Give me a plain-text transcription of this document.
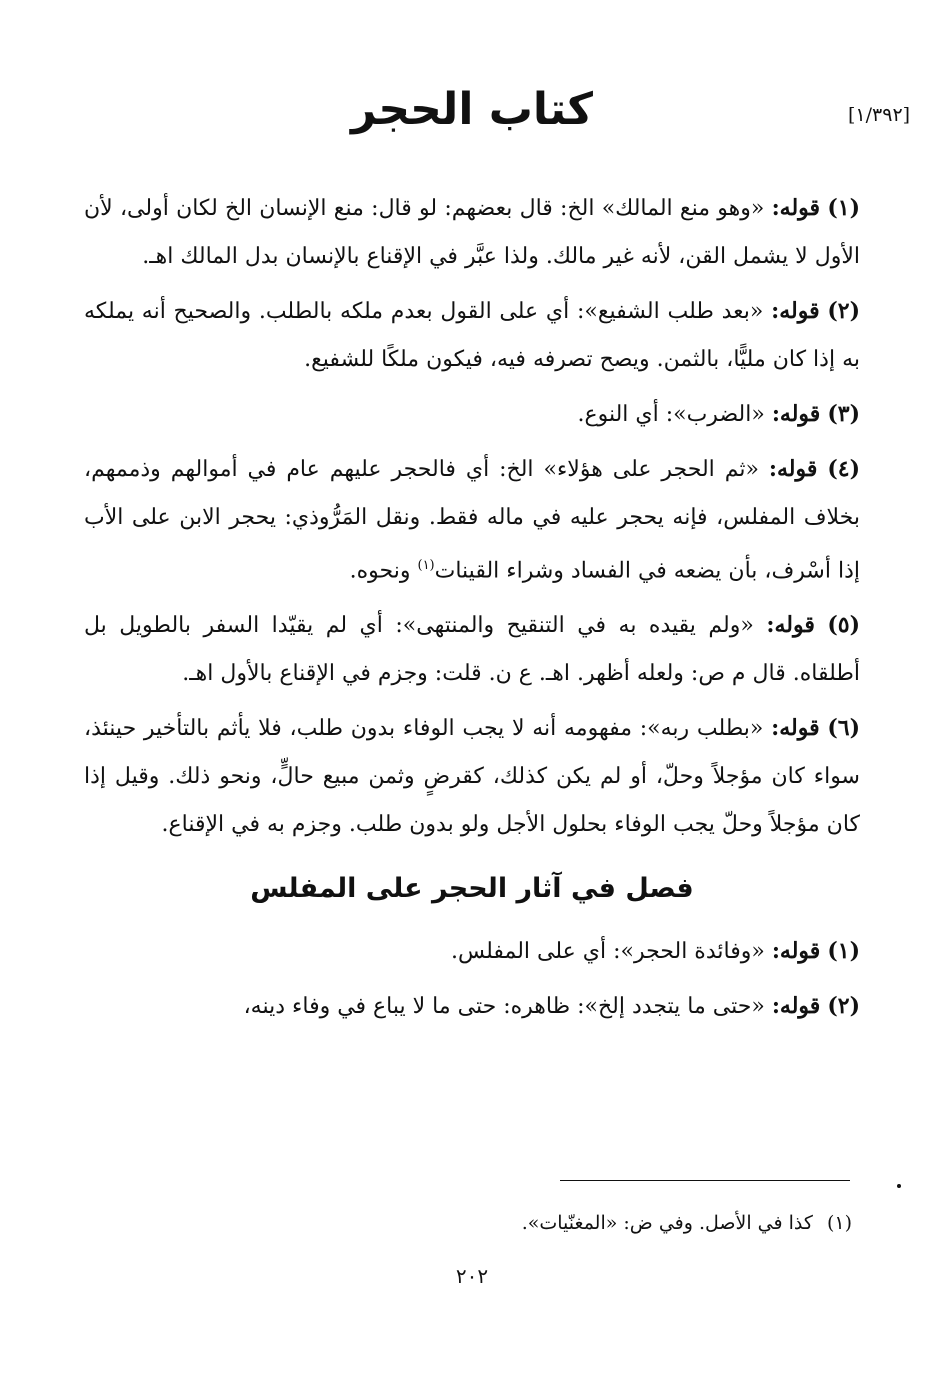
[١/٣٩٢]
كتاب الحجر

(١) قوله: «وهو منع المالك» الخ: قال بعضهم: لو قال: منع الإنسان الخ لكان أولى، لأن الأول لا يشمل القن، لأنه غير مالك. ولذا عبَّر في الإقناع بالإنسان بدل المالك اهـ.

(٢) قوله: «بعد طلب الشفيع»: أي على القول بعدم ملكه بالطلب. والصحيح أنه يملكه به إذا كان مليًّا، بالثمن. ويصح تصرفه فيه، فيكون ملكًا للشفيع.

(٣) قوله: «الضرب»: أي النوع.

(٤) قوله: «ثم الحجر على هؤلاء» الخ: أي فالحجر عليهم عام في أموالهم وذممهم، بخلاف المفلس، فإنه يحجر عليه في ماله فقط. ونقل المَرُّوذي: يحجر الابن على الأب إذا أسْرف، بأن يضعه في الفساد وشراء القينات$^{(١)}$ ونحوه.

(٥) قوله: «ولم يقيده به في التنقيح والمنتهى»: أي لم يقيّدا السفر بالطويل بل أطلقاه. قال م ص: ولعله أظهر. اهـ. ع ن. قلت: وجزم في الإقناع بالأول اهـ.

(٦) قوله: «بطلب ربه»: مفهومه أنه لا يجب الوفاء بدون طلب، فلا يأثم بالتأخير حينئذ، سواء كان مؤجلاً وحلّ، أو لم يكن كذلك، كقرضٍ وثمن مبيع حالٍّ، ونحو ذلك. وقيل إذا كان مؤجلاً وحلّ يجب الوفاء بحلول الأجل ولو بدون طلب. وجزم به في الإقناع.

فصل في آثار الحجر على المفلس

(١) قوله: «وفائدة الحجر»: أي على المفلس.

(٢) قوله: «حتى ما يتجدد إلخ»: ظاهره: حتى ما لا يباع في وفاء دينه،

(١)كذا في الأصل. وفي ض: «المغنّيات».
٢٠٢
